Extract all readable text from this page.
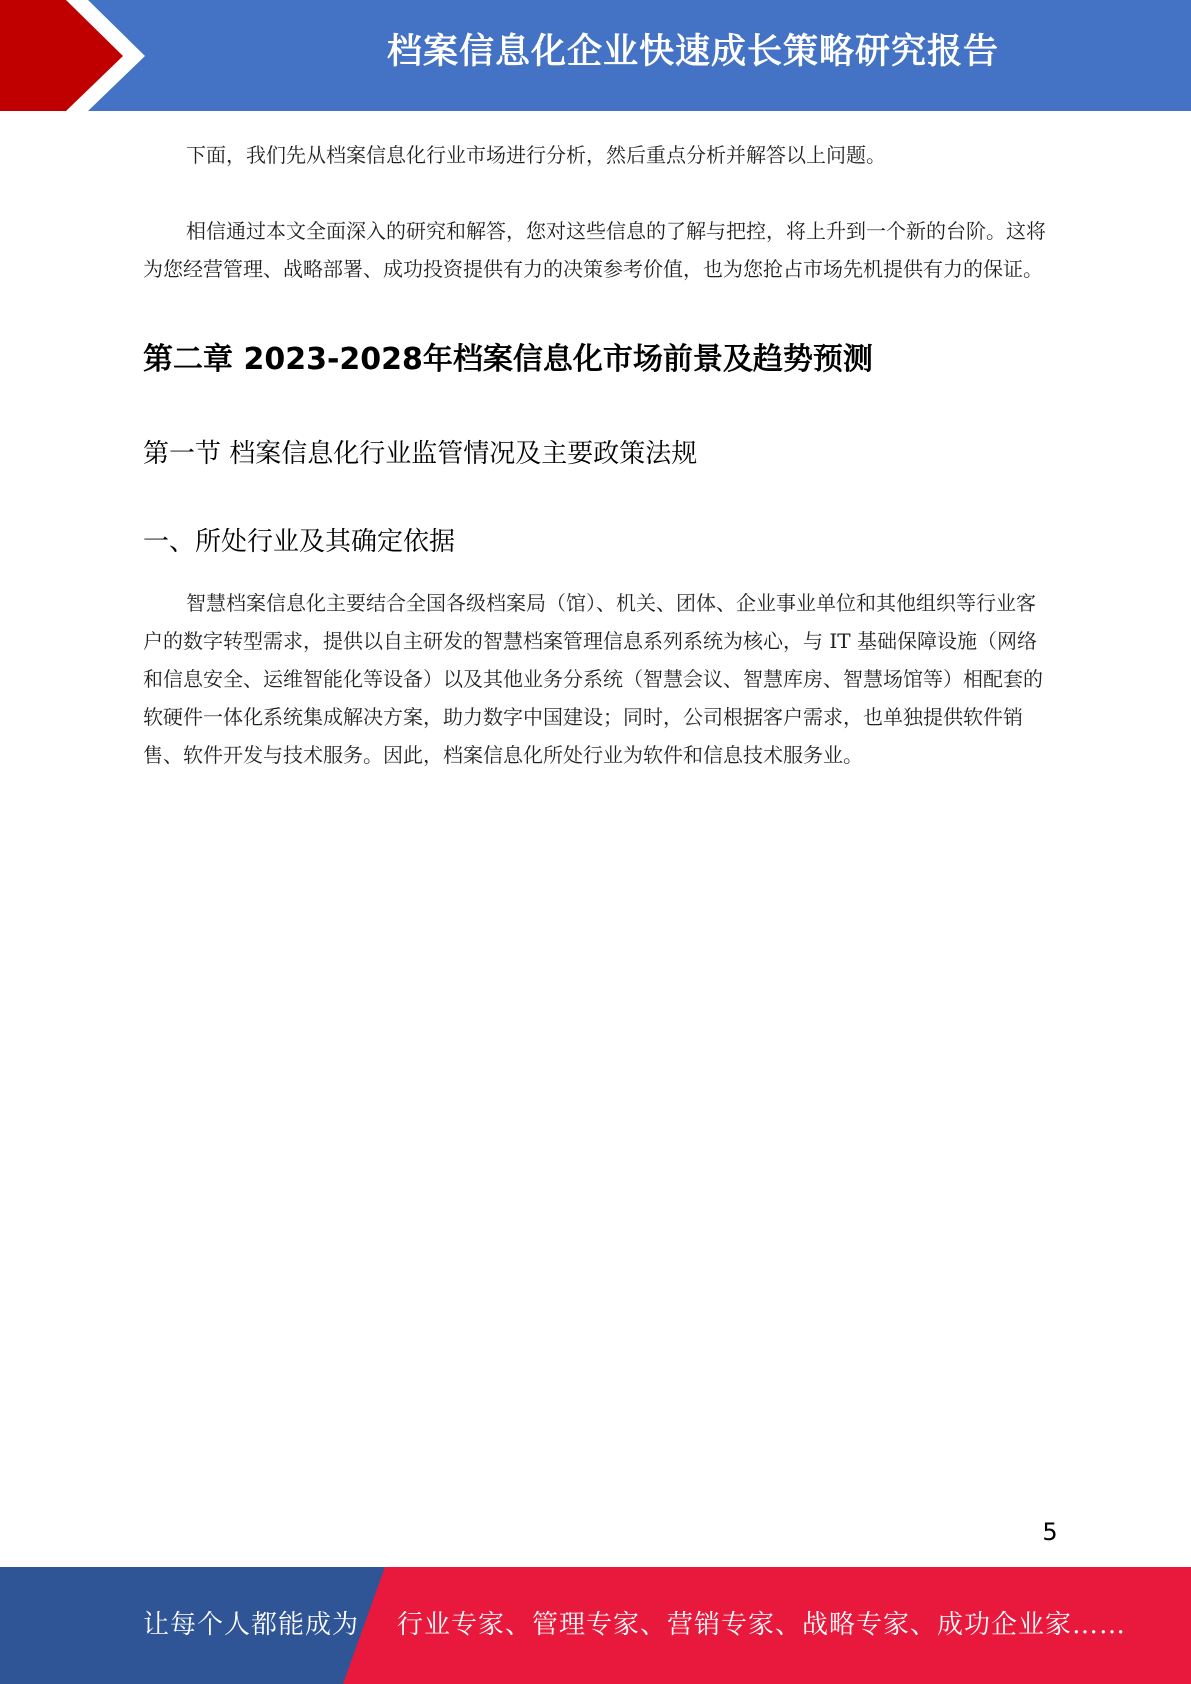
档案信息化企业快速成长策略研究报告

下面，我们先从档案信息化行业市场进行分析，然后重点分析并解答以上问题。

相信通过本文全面深入的研究和解答，您对这些信息的了解与把控，将上升到一个新的台阶。这将为您经营管理、战略部署、成功投资提供有力的决策参考价值，也为您抢占市场先机提供有力的保证。

第二章 2023-2028年档案信息化市场前景及趋势预测
第一节 档案信息化行业监管情况及主要政策法规
一、所处行业及其确定依据

智慧档案信息化主要结合全国各级档案局（馆）、机关、团体、企业事业单位和其他组织等行业客户的数字转型需求，提供以自主研发的智慧档案管理信息系列系统为核心，与 IT 基础保障设施（网络和信息安全、运维智能化等设备）以及其他业务分系统（智慧会议、智慧库房、智慧场馆等）相配套的软硬件一体化系统集成解决方案，助力数字中国建设；同时，公司根据客户需求，也单独提供软件销售、软件开发与技术服务。因此，档案信息化所处行业为软件和信息技术服务业。

5
让每个人都能成为 行业专家、管理专家、营销专家、战略专家、成功企业家……
